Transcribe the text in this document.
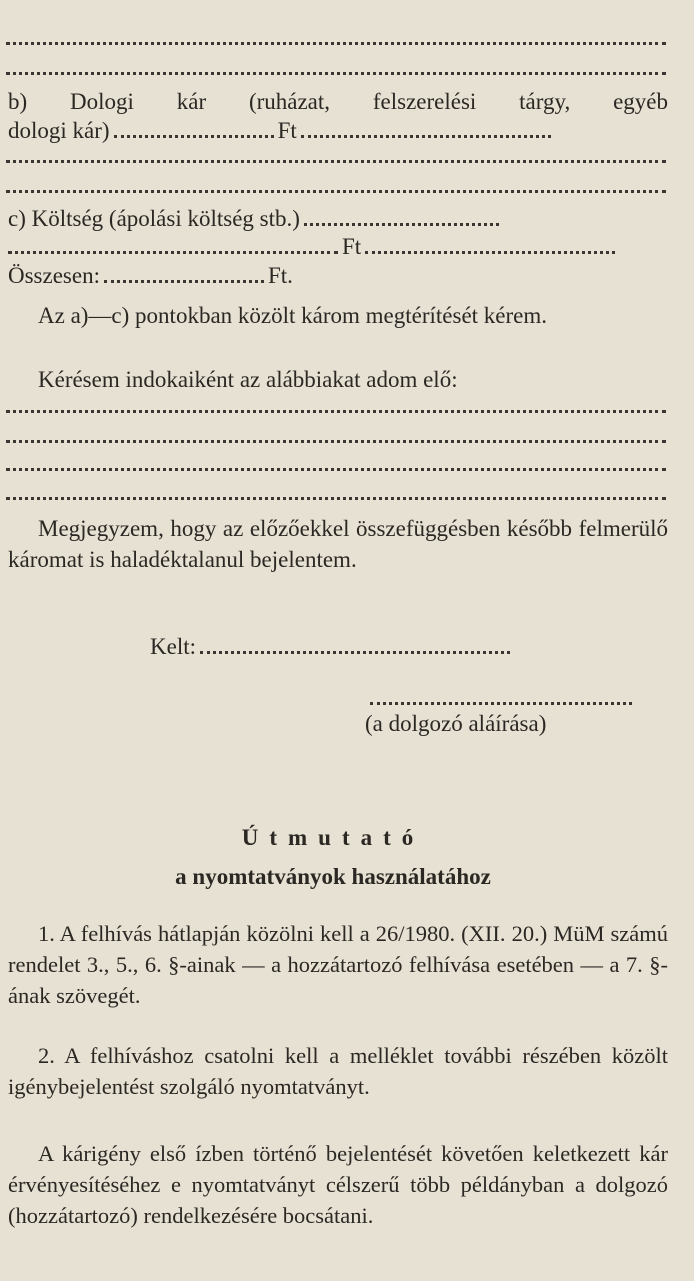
b) Dologi kár (ruházat, felszerelési tárgy, egyéb
dologi kár)	Ft
c) Költség (ápolási költség stb.)
Ft
Összesen:	Ft.
Az a)—c) pontokban közölt károm megtérítését kérem.
Kérésem indokaiként az alábbiakat adom elő:
Megjegyzem, hogy az előzőekkel összefüggésben később felmerülő káromat is haladéktalanul bejelentem.
Kelt:
(a dolgozó aláírása)
Útmutató
a nyomtatványok használatához
1. A felhívás hátlapján közölni kell a 26/1980. (XII. 20.) MüM számú rendelet 3., 5., 6. §-ainak — a hozzátartozó felhívása esetében — a 7. §-ának szövegét.
2. A felhíváshoz csatolni kell a melléklet további részében közölt igénybejelentést szolgáló nyomtatványt.
A kárigény első ízben történő bejelentését követően keletkezett kár érvényesítéséhez e nyomtatványt célszerű több példányban a dolgozó (hozzátartozó) rendelkezésére bocsátani.
